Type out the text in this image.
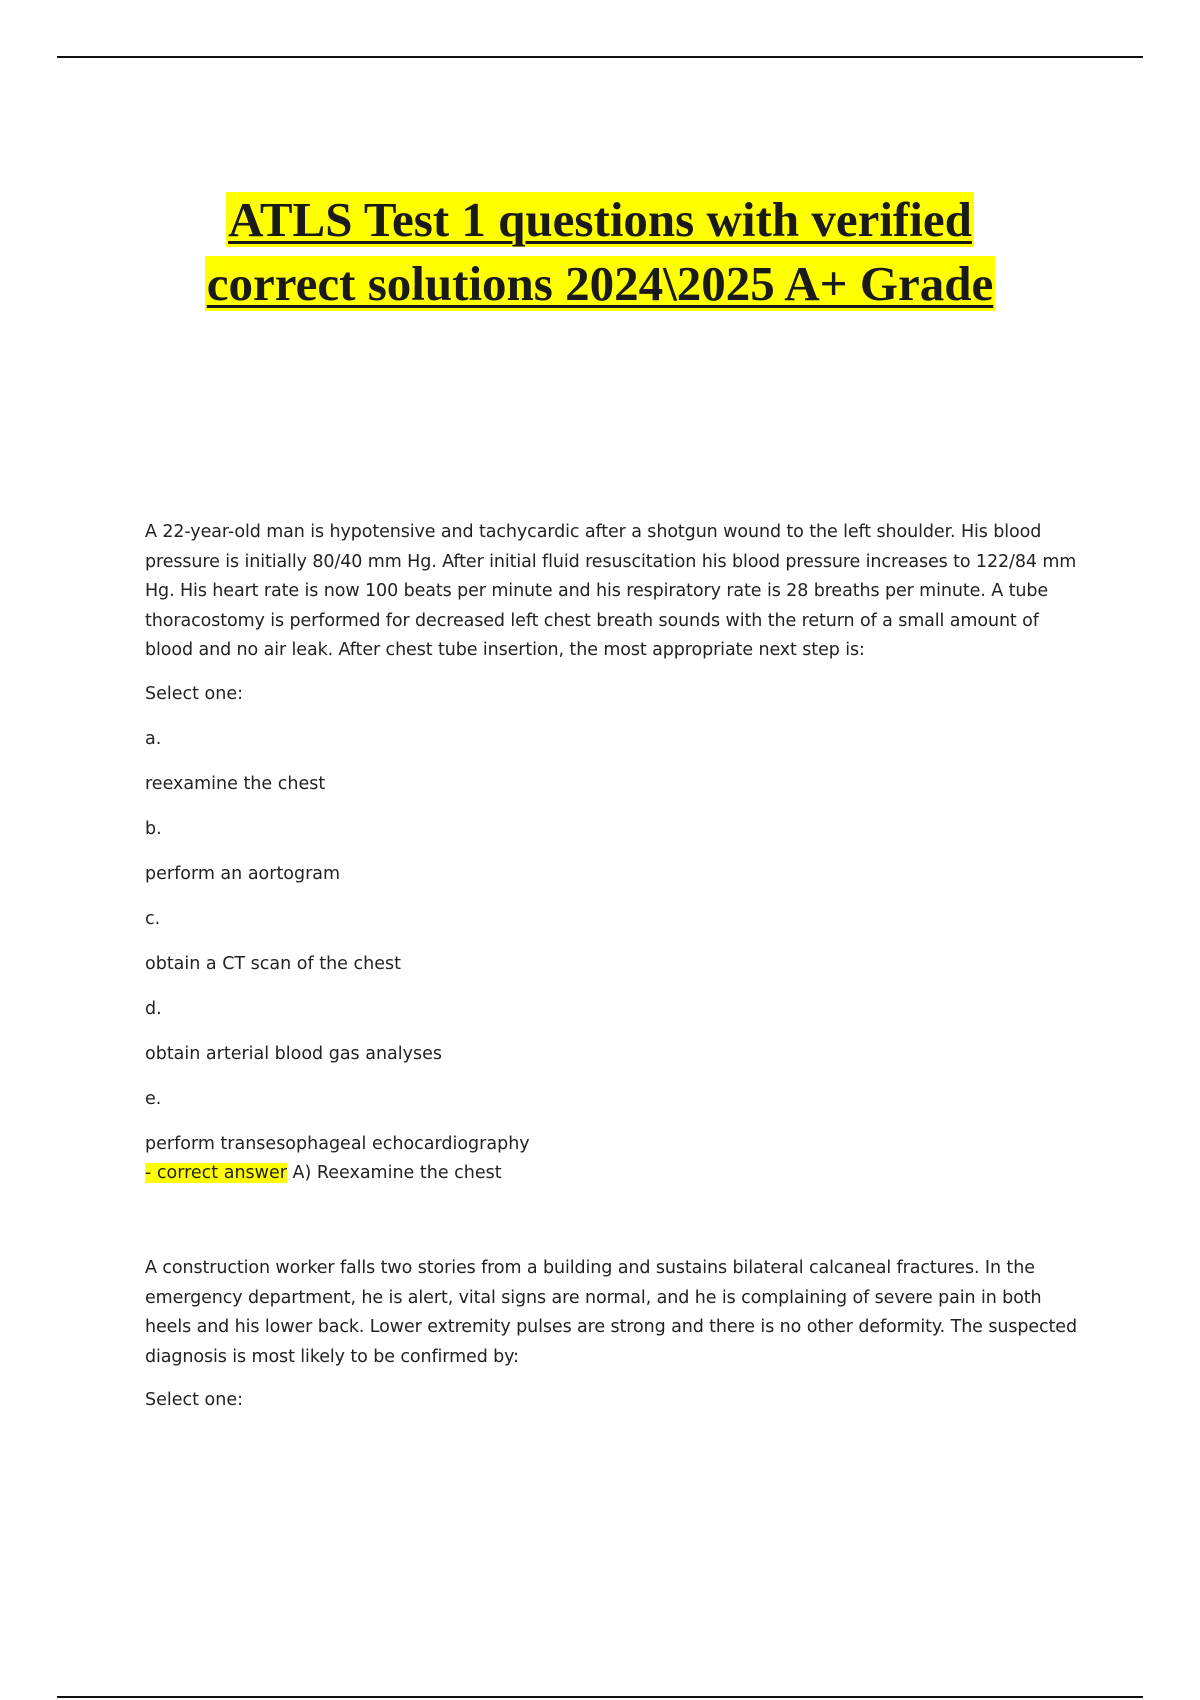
ATLS Test 1 questions with verified
correct solutions 2024\2025 A+ Grade

A 22-year-old man is hypotensive and tachycardic after a shotgun wound to the left shoulder. His blood pressure is initially 80/40 mm Hg. After initial fluid resuscitation his blood pressure increases to 122/84 mm Hg. His heart rate is now 100 beats per minute and his respiratory rate is 28 breaths per minute. A tube thoracostomy is performed for decreased left chest breath sounds with the return of a small amount of blood and no air leak. After chest tube insertion, the most appropriate next step is:

Select one:

a.

reexamine the chest

b.

perform an aortogram

c.

obtain a CT scan of the chest

d.

obtain arterial blood gas analyses

e.

perform transesophageal echocardiography

- correct answer A) Reexamine the chest

A construction worker falls two stories from a building and sustains bilateral calcaneal fractures. In the emergency department, he is alert, vital signs are normal, and he is complaining of severe pain in both heels and his lower back. Lower extremity pulses are strong and there is no other deformity. The suspected diagnosis is most likely to be confirmed by:

Select one:
